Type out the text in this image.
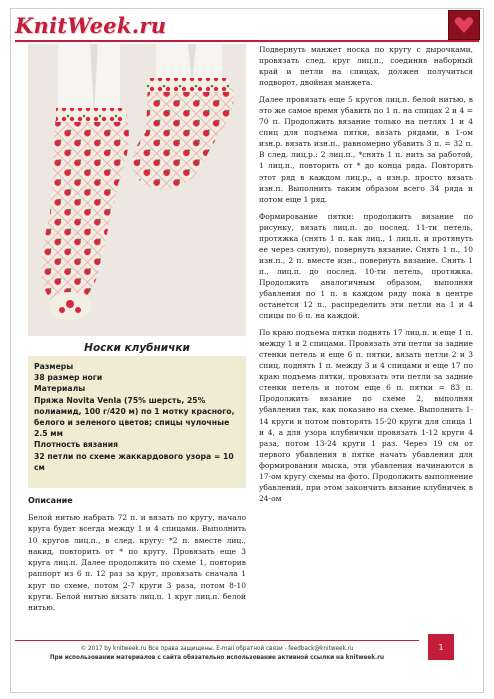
KnitWeek.ru
Носки клубнички

Размеры

38 размер ноги

Материалы

Пряжа Novita Venla (75% шерсть, 25% полиамид, 100 г/420 м) по 1 мотку красного, белого и зеленого цветов; спицы чулочные 2.5 мм

Плотность вязания

32 петли по схеме жаккардового узора = 10 см

Описание

Белой нитью набрать 72 п. и вязать по кругу, начало круга будет всегда между 1 и 4 спицами. Выполнить 10 кругов лиц.п., в след. кругу: *2 п. вместе лиц., накид, повторить от * по кругу. Провязать еще 3 круга лиц.п. Далее продолжить по схеме 1, повторив раппорт из 6 п. 12 раз за круг, провязать сначала 1 круг по схеме, потом 2-7 круги 3 раза, потом 8-10 круги. Белой нитью вязать лиц.п. 1 круг лиц.п. белой нитью.

Подвернуть манжет носка по кругу с дырочками, провязать след. круг лиц.п., соединив наборный край и петли на спицах, должен получиться подворот, двойная манжета.

Далее провязать еще 5 кругов лиц.п. белой нитью, в это же самое время убавить по 1 п. на спицах 2 и 4 = 70 п. Продолжить вязание только на петлях 1 и 4 спиц для подъема пятки, вязать рядами, в 1-ом изн.р. вязать изн.п., равномерно убавить 3 п. = 32 п. В след. лиц.р.: 2 лиц.п., *снять 1 п. нить за работой, 1 лиц.п., повторить от * до конца ряда. Повторять этот ряд в каждом лиц.р., а изн.р. просто вязать изн.п. Выполнить таким образом всего 34 ряда и потом еще 1 ряд.

Формирование пятки: продолжить вязание по рисунку, вязать лиц.п. до послед. 11-ти петель, протяжка (снять 1 п. как лиц., 1 лиц.п. и протянуть ее через снятую), повернуть вязание. Снять 1 п., 10 изн.п., 2 п. вместе изн., повернуть вязание. Снять 1 п., лиц.п. до послед. 10-ти петель, протяжка. Продолжить аналогичным образом, выполняя убавления по 1 п. в каждом ряду пока в центре останется 12 п., распределить эти петли на 1 и 4 спицы по 6 п. на каждой.

По краю подъема пятки поднять 17 лиц.п. и еще 1 п. между 1 и 2 спицами. Провязать эти петли за задние стенки петель и еще 6 п. пятки, вязать петли 2 и 3 спиц, поднять 1 п. между 3 и 4 спицами и еще 17 по краю подъема пятки, провязать эти петли за задние стенки петель и потом еще 6 п. пятки = 83 п. Продолжить вязание по схеме 2, выполняя убавления так, как показано на схеме. Выполнить 1-14 круги и потом повторять 15-20 круги для спица 1 и 4, а для узора клубнички провязать 1-12 круги 4 раза, потом 13-24 круги 1 раз. Через 19 см от первого убавления в пятке начать убавления для формирования мыска, эти убавления начинаются в 17-ом кругу схемы на фото. Продолжить выполнение убавлений, при этом закончить вязание клубничек в 24-ом

© 2017 by knitweek.ru Все права защищены. E-mail обратной связи - feedback@knitweek.ru
При использовании материалов с сайта обязательно использование активной ссылки на knitweek.ru
1
